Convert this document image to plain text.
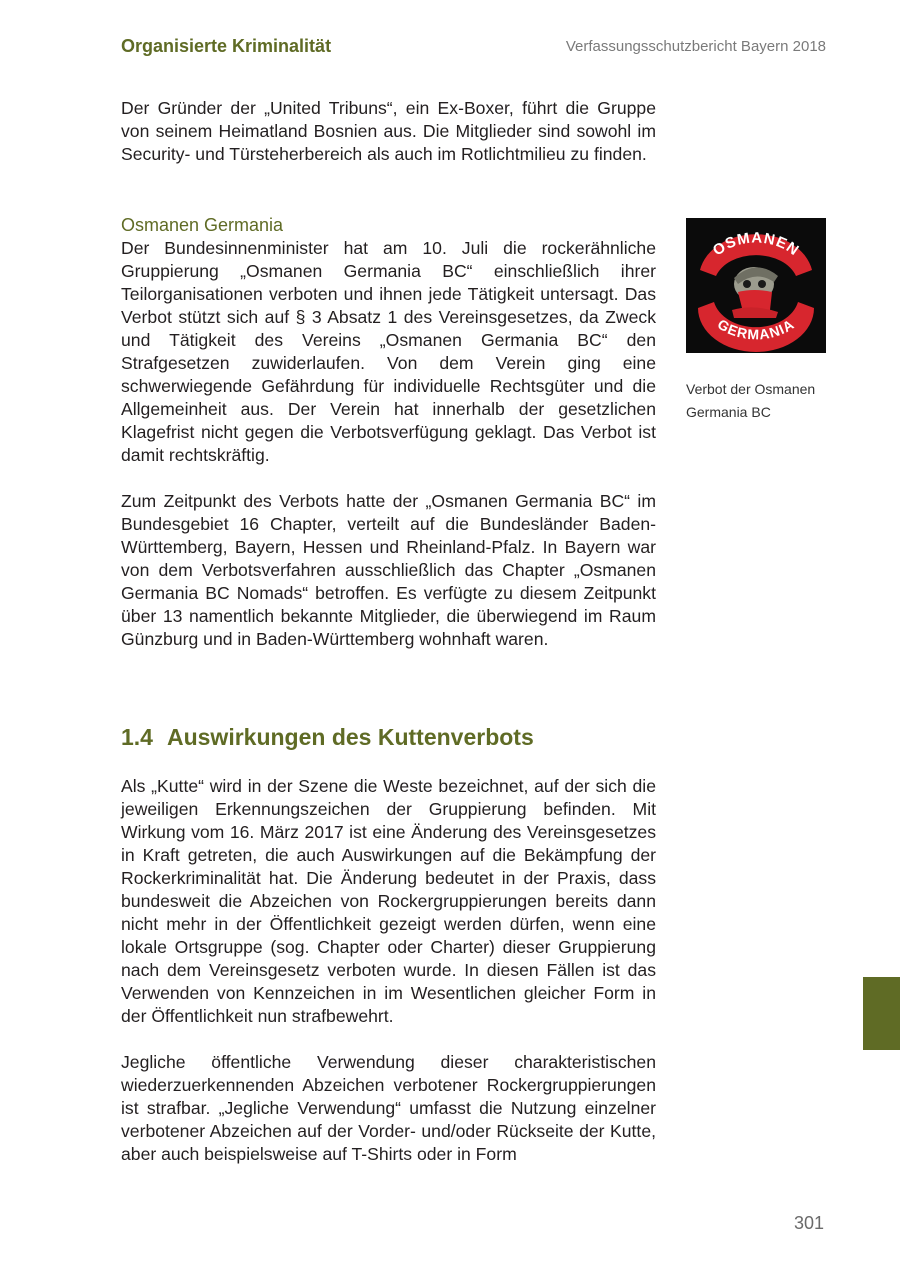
Organisierte Kriminalität	Verfassungsschutzbericht Bayern 2018

Der Gründer der „United Tribuns“, ein Ex-Boxer, führt die Gruppe von seinem Heimatland Bosnien aus. Die Mitglieder sind sowohl im Security- und Türsteherbereich als auch im Rotlichtmilieu zu finden.

Osmanen Germania

Der Bundesinnenminister hat am 10. Juli die rockerähnliche Gruppierung „Osmanen Germania BC“ einschließlich ihrer Teilorganisationen verboten und ihnen jede Tätigkeit untersagt. Das Verbot stützt sich auf § 3 Absatz 1 des Vereinsgesetzes, da Zweck und Tätigkeit des Vereins „Osmanen Germania BC“ den Strafgesetzen zuwiderlaufen. Von dem Verein ging eine schwerwiegende Gefährdung für individuelle Rechtsgüter und die Allgemeinheit aus. Der Verein hat innerhalb der gesetzlichen Klagefrist nicht gegen die Verbotsverfügung geklagt. Das Verbot ist damit rechtskräftig.

Zum Zeitpunkt des Verbots hatte der „Osmanen Germania BC“ im Bundesgebiet 16 Chapter, verteilt auf die Bundesländer Baden-Württemberg, Bayern, Hessen und Rheinland-Pfalz. In Bayern war von dem Verbotsverfahren ausschließlich das Chapter „Osmanen Germania BC Nomads“ betroffen. Es verfügte zu diesem Zeitpunkt über 13 namentlich bekannte Mitglieder, die überwiegend im Raum Günzburg und in Baden-Württemberg wohnhaft waren.

OSMANEN
GERMANIA
Verbot der Osmanen Germania BC
1.4 Auswirkungen des Kuttenverbots

Als „Kutte“ wird in der Szene die Weste bezeichnet, auf der sich die jeweiligen Erkennungszeichen der Gruppierung befinden. Mit Wirkung vom 16. März 2017 ist eine Änderung des Vereinsgesetzes in Kraft getreten, die auch Auswirkungen auf die Bekämpfung der Rockerkriminalität hat. Die Änderung bedeutet in der Praxis, dass bundesweit die Abzeichen von Rockergruppierungen bereits dann nicht mehr in der Öffentlichkeit gezeigt werden dürfen, wenn eine lokale Ortsgruppe (sog. Chapter oder Charter) dieser Gruppierung nach dem Vereinsgesetz verboten wurde. In diesen Fällen ist das Verwenden von Kennzeichen in im Wesentlichen gleicher Form in der Öffentlichkeit nun strafbewehrt.

Jegliche öffentliche Verwendung dieser charakteristischen wiederzuerkennenden Abzeichen verbotener Rockergruppierungen ist strafbar. „Jegliche Verwendung“ umfasst die Nutzung einzelner verbotener Abzeichen auf der Vorder- und/oder Rückseite der Kutte, aber auch beispielsweise auf T-Shirts oder in Form

301
